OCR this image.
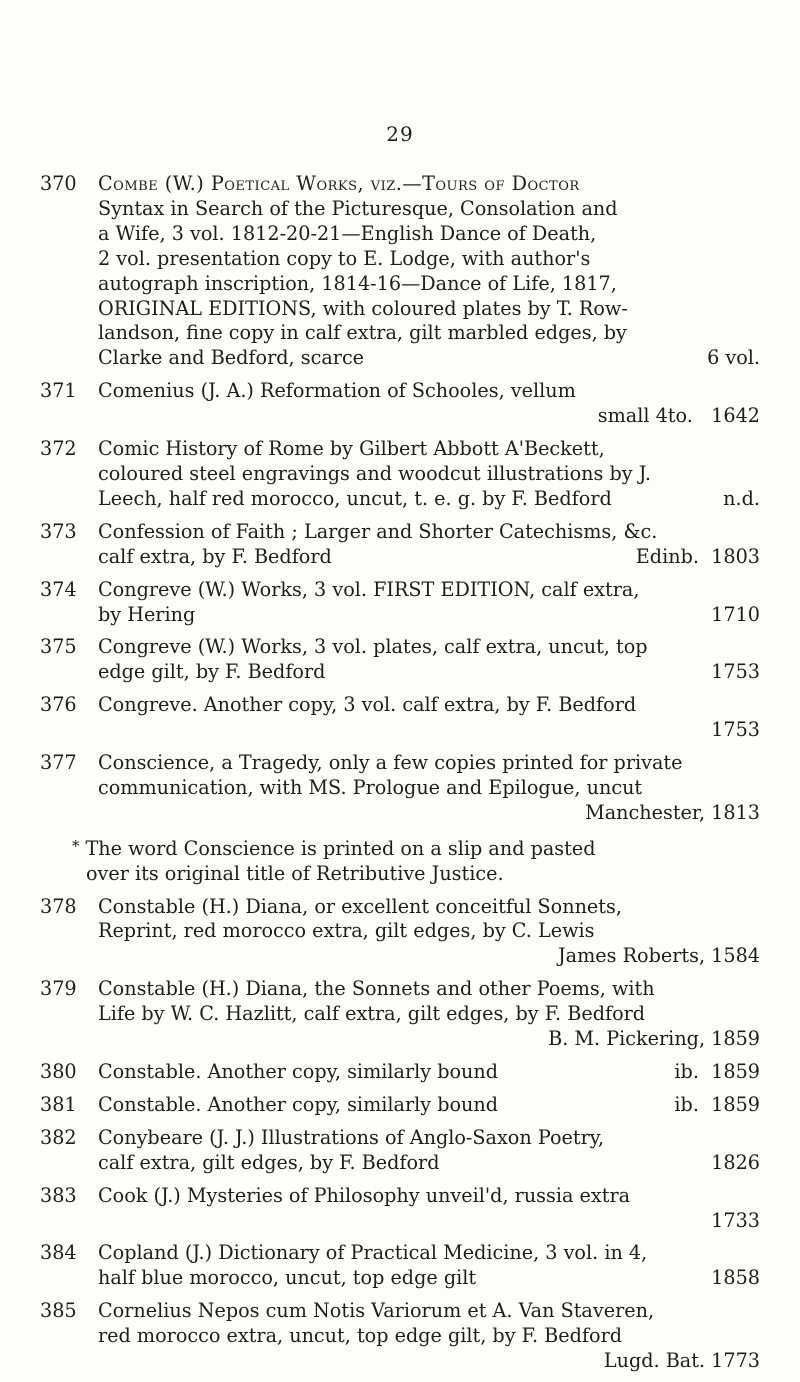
29
370	Combe (W.) Poetical Works, viz.—Tours of Doctor
Syntax in Search of the Picturesque, Consolation and
a Wife, 3 vol. 1812-20-21—English Dance of Death,
2 vol. presentation copy to E. Lodge, with author's
autograph inscription, 1814-16—Dance of Life, 1817,
ORIGINAL EDITIONS, with coloured plates by T. Row-
landson, fine copy in calf extra, gilt marbled edges, by
Clarke and Bedford, scarce	6 vol.
371	Comenius (J. A.) Reformation of Schooles, vellum
small 4to. 1642
372	Comic History of Rome by Gilbert Abbott A'Beckett,
coloured steel engravings and woodcut illustrations by J.
Leech, half red morocco, uncut, t. e. g. by F. Bedford	n.d.
373	Confession of Faith ; Larger and Shorter Catechisms, &c.
calf extra, by F. Bedford	Edinb. 1803
374	Congreve (W.) Works, 3 vol. FIRST EDITION, calf extra,
by Hering	1710
375	Congreve (W.) Works, 3 vol. plates, calf extra, uncut, top
edge gilt, by F. Bedford	1753
376	Congreve. Another copy, 3 vol. calf extra, by F. Bedford
1753
377	Conscience, a Tragedy, only a few copies printed for private
communication, with MS. Prologue and Epilogue, uncut
Manchester, 1813
* The word Conscience is printed on a slip and pasted
over its original title of Retributive Justice.
378	Constable (H.) Diana, or excellent conceitful Sonnets,
Reprint, red morocco extra, gilt edges, by C. Lewis
James Roberts, 1584
379	Constable (H.) Diana, the Sonnets and other Poems, with
Life by W. C. Hazlitt, calf extra, gilt edges, by F. Bedford
B. M. Pickering, 1859
380	Constable. Another copy, similarly bound	ib. 1859
381	Constable. Another copy, similarly bound	ib. 1859
382	Conybeare (J. J.) Illustrations of Anglo-Saxon Poetry,
calf extra, gilt edges, by F. Bedford	1826
383	Cook (J.) Mysteries of Philosophy unveil'd, russia extra
1733
384	Copland (J.) Dictionary of Practical Medicine, 3 vol. in 4,
half blue morocco, uncut, top edge gilt	1858
385	Cornelius Nepos cum Notis Variorum et A. Van Staveren,
red morocco extra, uncut, top edge gilt, by F. Bedford
Lugd. Bat. 1773
